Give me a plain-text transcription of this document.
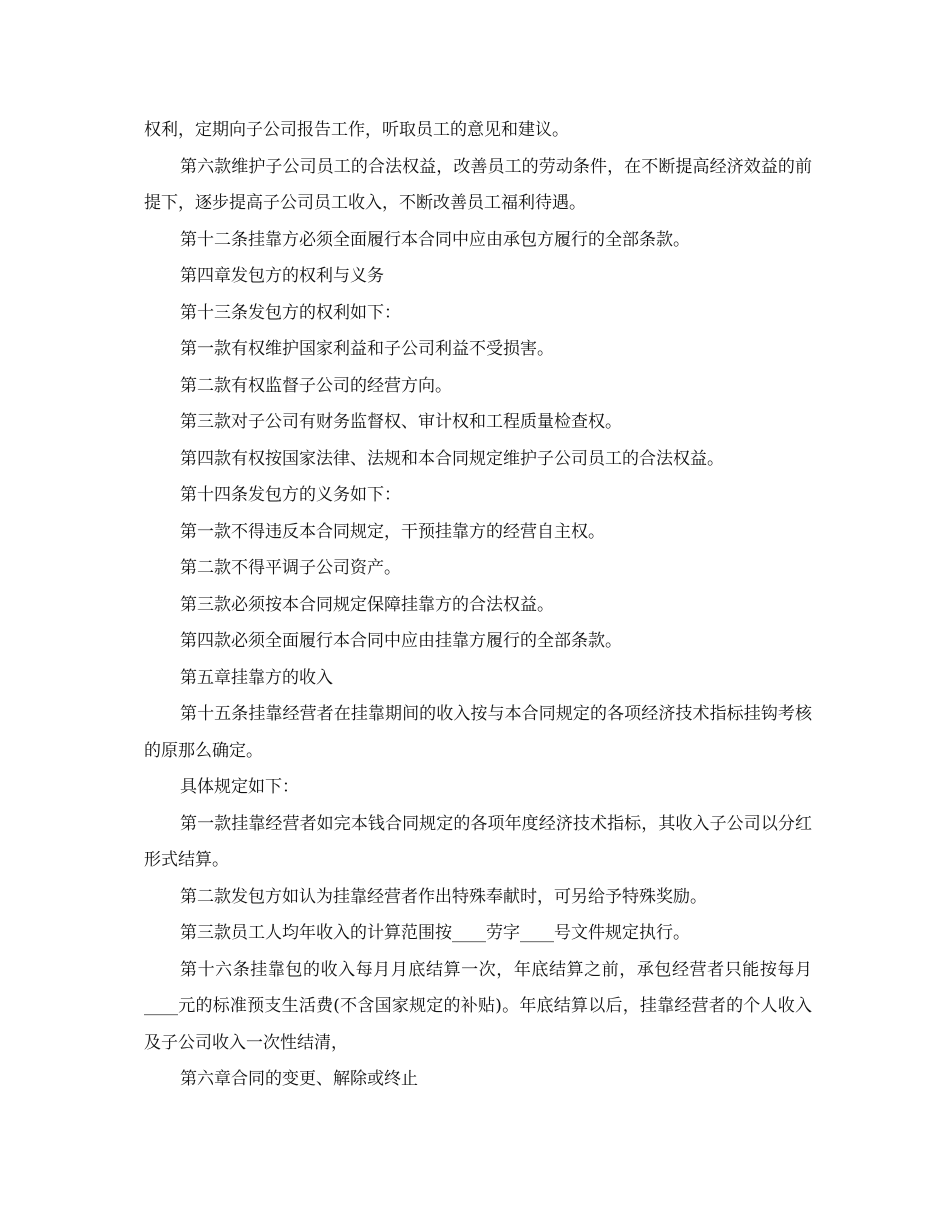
权利，定期向子公司报告工作，听取员工的意见和建议。

第六款维护子公司员工的合法权益，改善员工的劳动条件，在不断提高经济效益的前提下，逐步提高子公司员工收入，不断改善员工福利待遇。

第十二条挂靠方必须全面履行本合同中应由承包方履行的全部条款。

第四章发包方的权利与义务

第十三条发包方的权利如下：

第一款有权维护国家利益和子公司利益不受损害。

第二款有权监督子公司的经营方向。

第三款对子公司有财务监督权、审计权和工程质量检查权。

第四款有权按国家法律、法规和本合同规定维护子公司员工的合法权益。

第十四条发包方的义务如下：

第一款不得违反本合同规定，干预挂靠方的经营自主权。

第二款不得平调子公司资产。

第三款必须按本合同规定保障挂靠方的合法权益。

第四款必须全面履行本合同中应由挂靠方履行的全部条款。

第五章挂靠方的收入

第十五条挂靠经营者在挂靠期间的收入按与本合同规定的各项经济技术指标挂钩考核的原那么确定。

具体规定如下：

第一款挂靠经营者如完本钱合同规定的各项年度经济技术指标，其收入子公司以分红形式结算。

第二款发包方如认为挂靠经营者作出特殊奉献时，可另给予特殊奖励。

第三款员工人均年收入的计算范围按____劳字____号文件规定执行。

第十六条挂靠包的收入每月月底结算一次，年底结算之前，承包经营者只能按每月____元的标准预支生活费(不含国家规定的补贴)。年底结算以后，挂靠经营者的个人收入及子公司收入一次性结清，

第六章合同的变更、解除或终止
